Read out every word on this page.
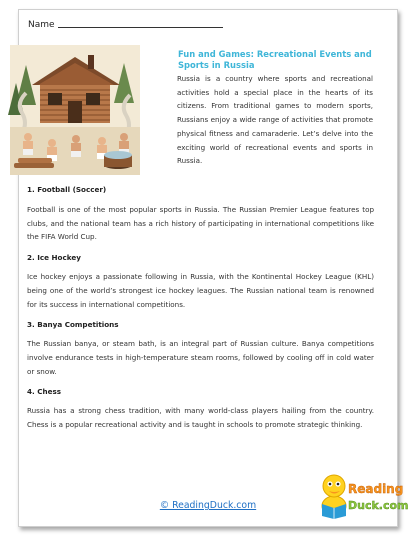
Name
Fun and Games: Recreational Events and Sports in Russia
Russia is a country where sports and recreational activities hold a special place in the hearts of its citizens. From traditional games to modern sports, Russians enjoy a wide range of activities that promote physical fitness and camaraderie. Let’s delve into the exciting world of recreational events and sports in Russia.
1. Football (Soccer)

Football is one of the most popular sports in Russia. The Russian Premier League features top clubs, and the national team has a rich history of participating in international competitions like the FIFA World Cup.

2. Ice Hockey

Ice hockey enjoys a passionate following in Russia, with the Kontinental Hockey League (KHL) being one of the world’s strongest ice hockey leagues. The Russian national team is renowned for its success in international competitions.

3. Banya Competitions

The Russian banya, or steam bath, is an integral part of Russian culture. Banya competitions involve endurance tests in high-temperature steam rooms, followed by cooling off in cold water or snow.

4. Chess

Russia has a strong chess tradition, with many world-class players hailing from the country. Chess is a popular recreational activity and is taught in schools to promote strategic thinking.

© ReadingDuck.com
Reading
Duck.com
